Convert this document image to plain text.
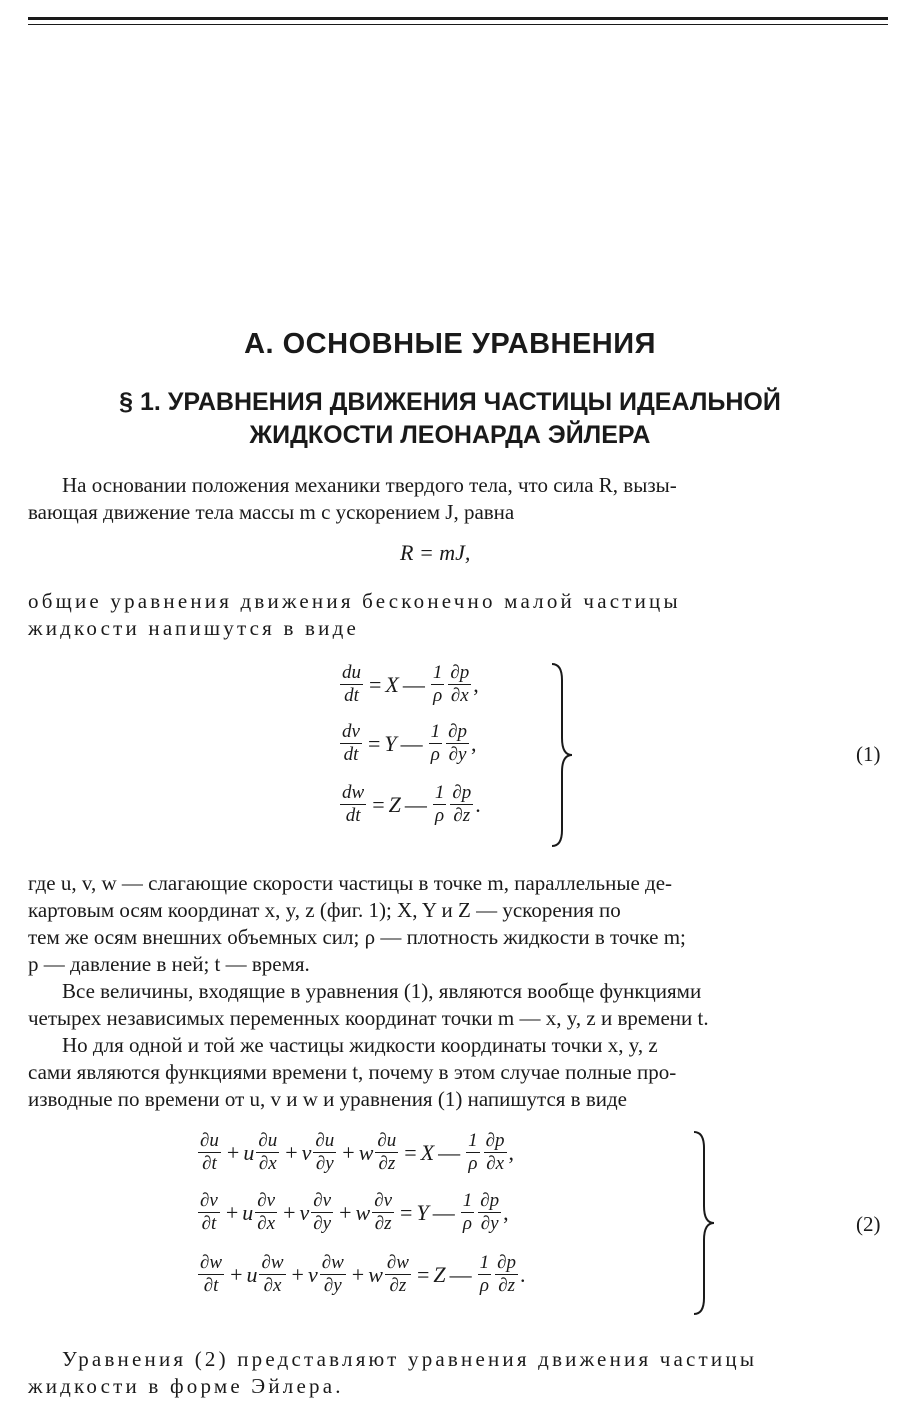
А. ОСНОВНЫЕ УРАВНЕНИЯ
§ 1. УРАВНЕНИЯ ДВИЖЕНИЯ ЧАСТИЦЫ ИДЕАЛЬНОЙ
ЖИДКОСТИ ЛЕОНАРДА ЭЙЛЕРА
На основании положения механики твердого тела, что сила R, вызы-
вающая движение тела массы m с ускорением J, равна
R = mJ,
общие уравнения движения бесконечно малой частицы
жидкости напишутся в виде
$\frac{du}{dt} = X$ — $\frac{1}{\rho} \frac{\partial p}{\partial x}$ ,
$\frac{dv}{dt} = Y$ — $\frac{1}{\rho} \frac{\partial p}{\partial y}$ ,
$\frac{dw}{dt} = Z$ — $\frac{1}{\rho} \frac{\partial p}{\partial z}$ .
(1)
где u, v, w — слагающие скорости частицы в точке m, параллельные де-
картовым осям координат x, y, z (фиг. 1); X, Y и Z — ускорения по
тем же осям внешних объемных сил; ρ — плотность жидкости в точке m;
p — давление в ней; t — время.
Все величины, входящие в уравнения (1), являются вообще функциями
четырех независимых переменных координат точки m — x, y, z и времени t.
Но для одной и той же частицы жидкости координаты точки x, y, z
сами являются функциями времени t, почему в этом случае полные про-
изводные по времени от u, v и w и уравнения (1) напишутся в виде
$\frac{\partial u}{\partial t} + u \frac{\partial u}{\partial x} + v \frac{\partial u}{\partial y} + w \frac{\partial u}{\partial z} = X$ — $\frac{1}{\rho} \frac{\partial p}{\partial x}$ ,
$\frac{\partial v}{\partial t} + u \frac{\partial v}{\partial x} + v \frac{\partial v}{\partial y} + w \frac{\partial v}{\partial z} = Y$ — $\frac{1}{\rho} \frac{\partial p}{\partial y}$ ,
$\frac{\partial w}{\partial t} + u \frac{\partial w}{\partial x} + v \frac{\partial w}{\partial y} + w \frac{\partial w}{\partial z} = Z$ — $\frac{1}{\rho} \frac{\partial p}{\partial z}$ .
(2)
Уравнения (2) представляют уравнения движения частицы
жидкости в форме Эйлера.
